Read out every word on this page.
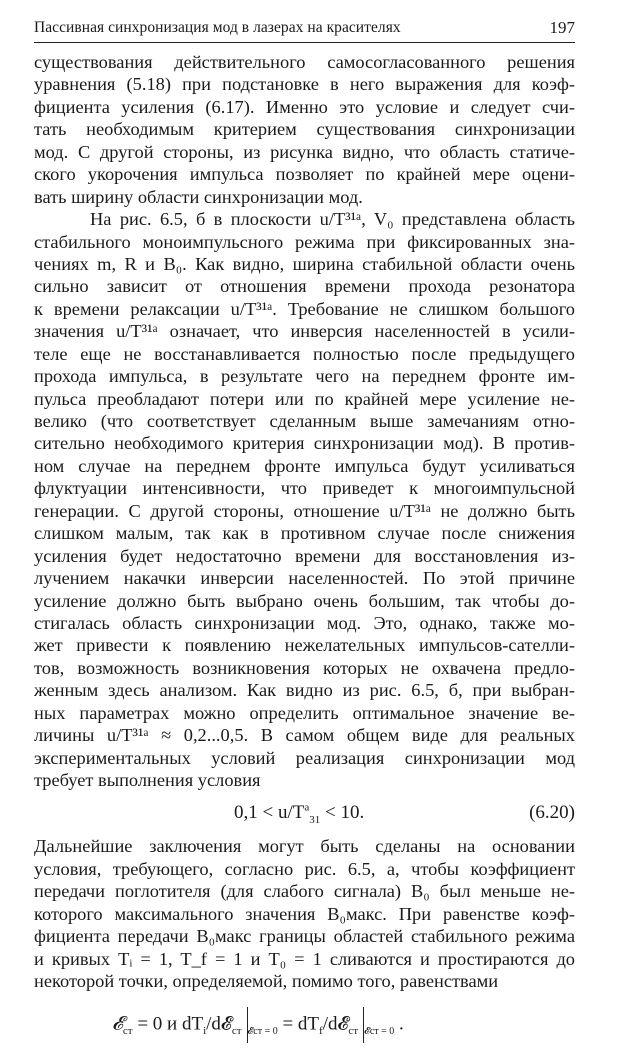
Пассивная синхронизация мод в лазерах на красителях	197
существования действительного самосогласованного решения
уравнения (5.18) при подстановке в него выражения для коэф-
фициента усиления (6.17). Именно это условие и следует счи-
тать необходимым критерием существования синхронизации
мод. С другой стороны, из рисунка видно, что область статиче-
ского укорочения импульса позволяет по крайней мере оцени-
вать ширину области синхронизации мод.
На рис. 6.5, б в плоскости u/T³¹ᵃ, V₀ представлена область
стабильного моноимпульсного режима при фиксированных зна-
чениях m, R и B₀. Как видно, ширина стабильной области очень
сильно зависит от отношения времени прохода резонатора
к времени релаксации u/T³¹ᵃ. Требование не слишком большого
значения u/T³¹ᵃ означает, что инверсия населенностей в усили-
теле еще не восстанавливается полностью после предыдущего
прохода импульса, в результате чего на переднем фронте им-
пульса преобладают потери или по крайней мере усиление не-
велико (что соответствует сделанным выше замечаниям отно-
сительно необходимого критерия синхронизации мод). В против-
ном случае на переднем фронте импульса будут усиливаться
флуктуации интенсивности, что приведет к многоимпульсной
генерации. С другой стороны, отношение u/T³¹ᵃ не должно быть
слишком малым, так как в противном случае после снижения
усиления будет недостаточно времени для восстановления из-
лучением накачки инверсии населенностей. По этой причине
усиление должно быть выбрано очень большим, так чтобы до-
стигалась область синхронизации мод. Это, однако, также мо-
жет привести к появлению нежелательных импульсов-сателли-
тов, возможность возникновения которых не охвачена предло-
женным здесь анализом. Как видно из рис. 6.5, б, при выбран-
ных параметрах можно определить оптимальное значение ве-
личины u/T³¹ᵃ ≈ 0,2...0,5. В самом общем виде для реальных
экспериментальных условий реализация синхронизации мод
требует выполнения условия
$0,1 < u/T^a_{31} < 10$.	(6.20)
Дальнейшие заключения могут быть сделаны на основании
условия, требующего, согласно рис. 6.5, а, чтобы коэффициент
передачи поглотителя (для слабого сигнала) B₀ был меньше не-
которого максимального значения B₀макс. При равенстве коэф-
фициента передачи B₀макс границы областей стабильного режима
и кривых Tᵢ = 1, T_f = 1 и T₀ = 1 сливаются и простираются до
некоторой точки, определяемой, помимо того, равенствами
𝓔$_{ст}$ = 0 и $dT_i/d𝓔_{ст}$ $_{𝓔ст = 0} = dT_f/d𝓔_{ст}$ $_{𝓔ст = 0}$ .
